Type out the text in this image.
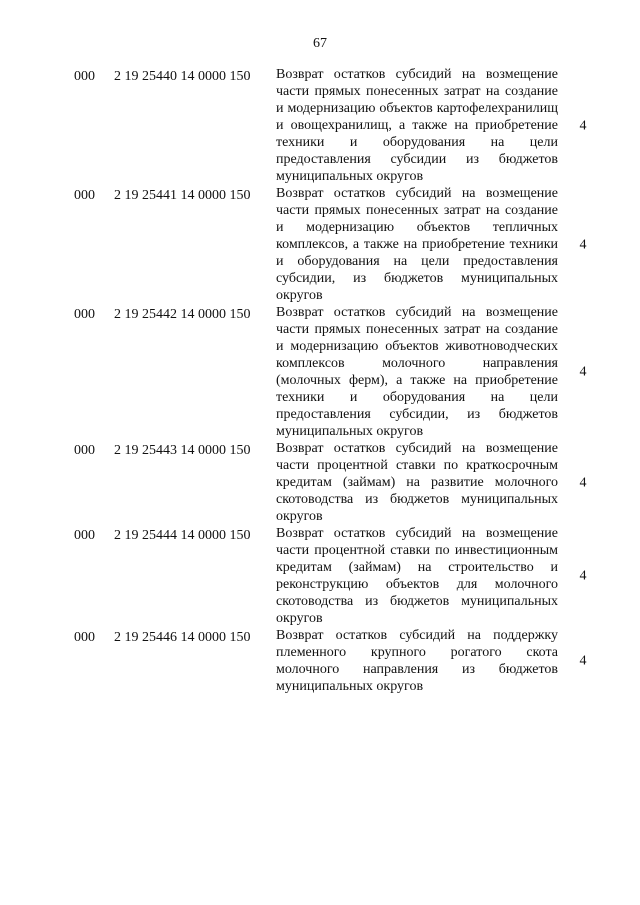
67
000 2 19 25440 14 0000 150 Возврат остатков субсидий на возмещение части прямых понесенных затрат на создание и модернизацию объектов картофелехранилищ и овощехранилищ, а также на приобретение техники и оборудования на цели предоставления субсидии из бюджетов муниципальных округов
4
000 2 19 25441 14 0000 150 Возврат остатков субсидий на возмещение части прямых понесенных затрат на создание и модернизацию объектов тепличных комплексов, а также на приобретение техники и оборудования на цели предоставления субсидии, из бюджетов муниципальных округов
4
000 2 19 25442 14 0000 150 Возврат остатков субсидий на возмещение части прямых понесенных затрат на создание и модернизацию объектов животноводческих комплексов молочного направления (молочных ферм), а также на приобретение техники и оборудования на цели предоставления субсидии, из бюджетов муниципальных округов
4
000 2 19 25443 14 0000 150 Возврат остатков субсидий на возмещение части процентной ставки по краткосрочным кредитам (займам) на развитие молочного скотоводства из бюджетов муниципальных округов
4
000 2 19 25444 14 0000 150 Возврат остатков субсидий на возмещение части процентной ставки по инвестиционным кредитам (займам) на строительство и реконструкцию объектов для молочного скотоводства из бюджетов муниципальных округов
4
000 2 19 25446 14 0000 150 Возврат остатков субсидий на поддержку племенного крупного рогатого скота молочного направления из бюджетов муниципальных округов
4
